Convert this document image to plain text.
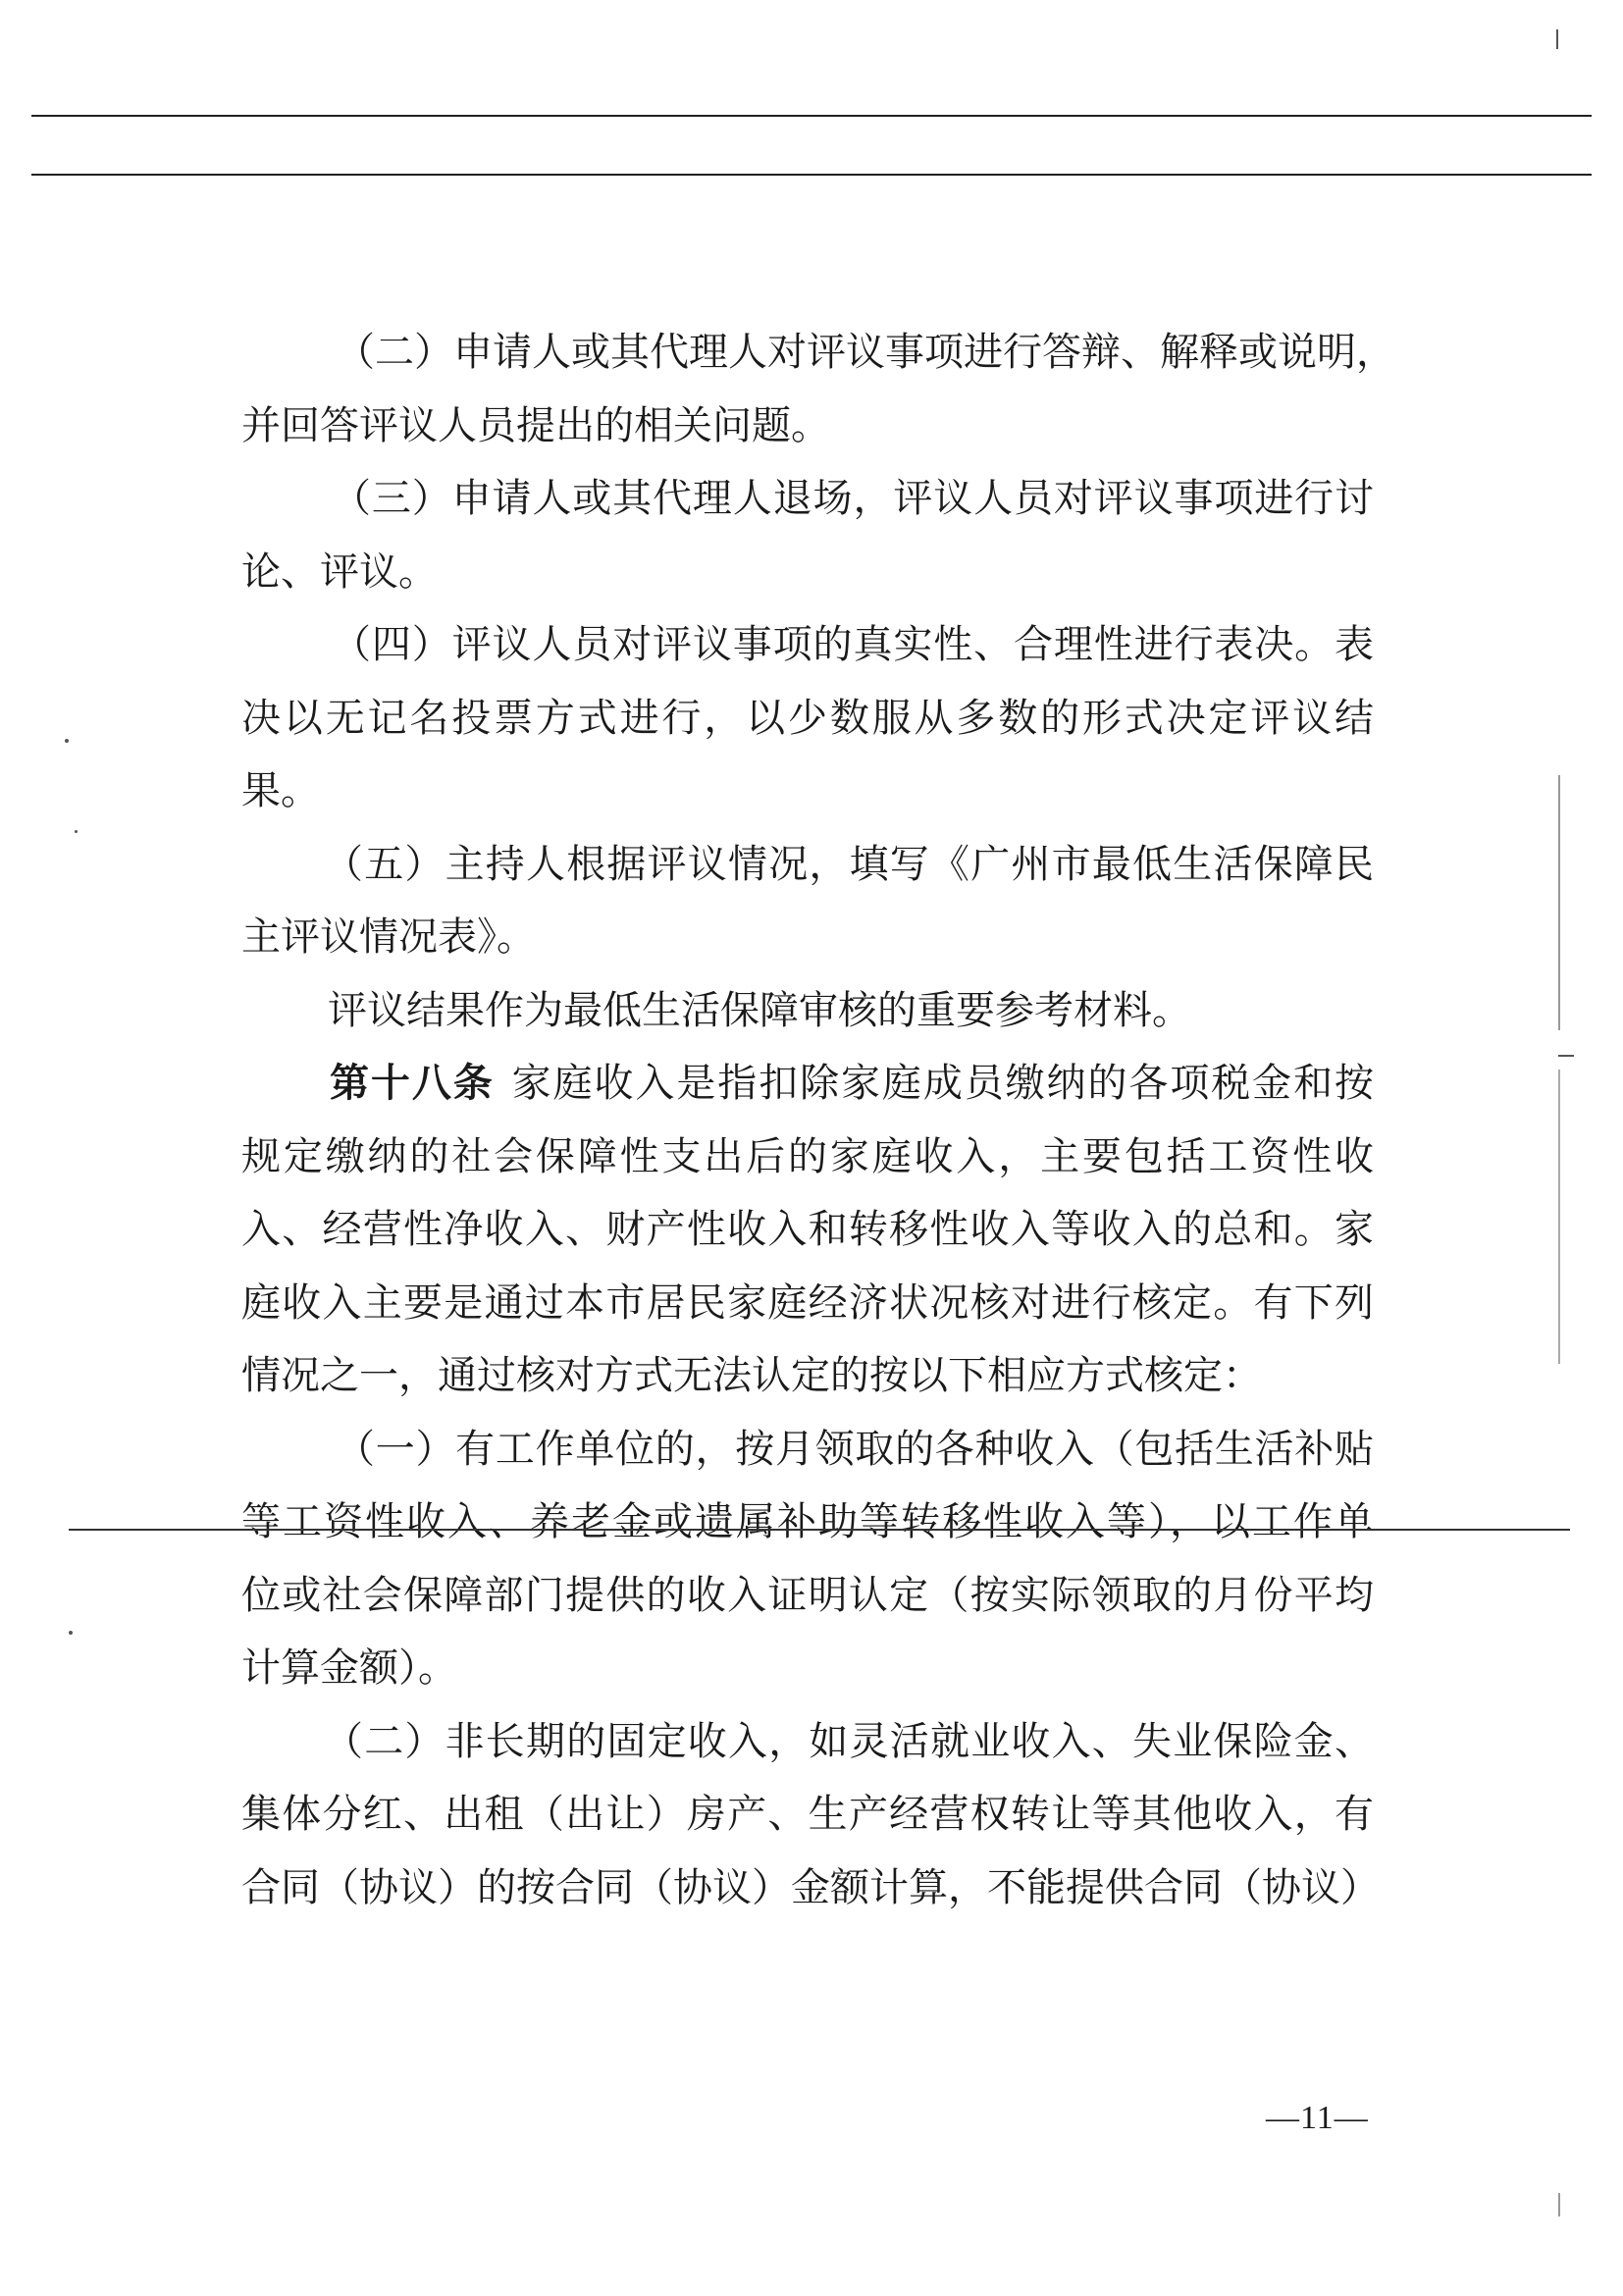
（二）申请人或其代理人对评议事项进行答辩、解释或说明，
并回答评议人员提出的相关问题。
（三）申请人或其代理人退场，评议人员对评议事项进行讨
论、评议。
（四）评议人员对评议事项的真实性、合理性进行表决。表
决以无记名投票方式进行，以少数服从多数的形式决定评议结
果。
（五）主持人根据评议情况，填写《广州市最低生活保障民
主评议情况表》。
评议结果作为最低生活保障审核的重要参考材料。
第十八条 家庭收入是指扣除家庭成员缴纳的各项税金和按
规定缴纳的社会保障性支出后的家庭收入，主要包括工资性收
入、经营性净收入、财产性收入和转移性收入等收入的总和。家
庭收入主要是通过本市居民家庭经济状况核对进行核定。有下列
情况之一，通过核对方式无法认定的按以下相应方式核定：
（一）有工作单位的，按月领取的各种收入（包括生活补贴
等工资性收入、养老金或遗属补助等转移性收入等），以工作单
位或社会保障部门提供的收入证明认定（按实际领取的月份平均
计算金额）。
（二）非长期的固定收入，如灵活就业收入、失业保险金、
集体分红、出租（出让）房产、生产经营权转让等其他收入，有
合同（协议）的按合同（协议）金额计算，不能提供合同（协议）
—11—
